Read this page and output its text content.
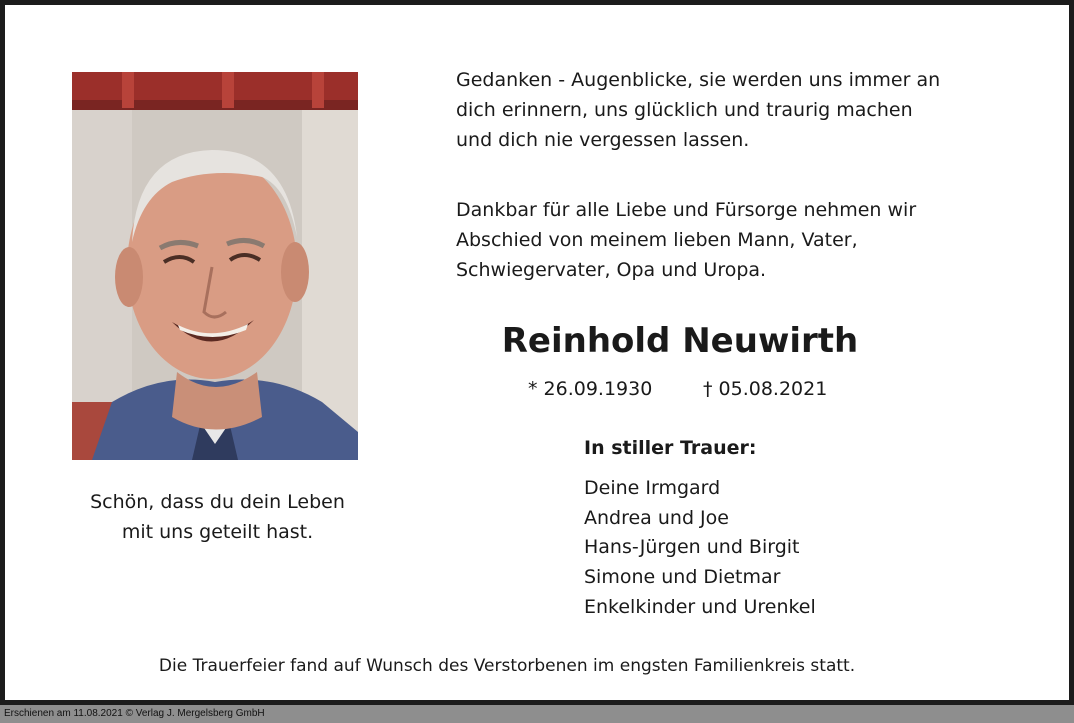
Schön, dass du dein Leben
mit uns geteilt hast.
Gedanken - Augenblicke, sie werden uns immer an
dich erinnern, uns glücklich und traurig machen
und dich nie vergessen lassen.
Dankbar für alle Liebe und Fürsorge nehmen wir
Abschied von meinem lieben Mann, Vater,
Schwiegervater, Opa und Uropa.
Reinhold Neuwirth
* 26.09.1930	† 05.08.2021
In stiller Trauer:
Deine Irmgard
Andrea und Joe
Hans-Jürgen und Birgit
Simone und Dietmar
Enkelkinder und Urenkel
Die Trauerfeier fand auf Wunsch des Verstorbenen im engsten Familienkreis statt.
Erschienen am 11.08.2021 © Verlag J. Mergelsberg GmbH
